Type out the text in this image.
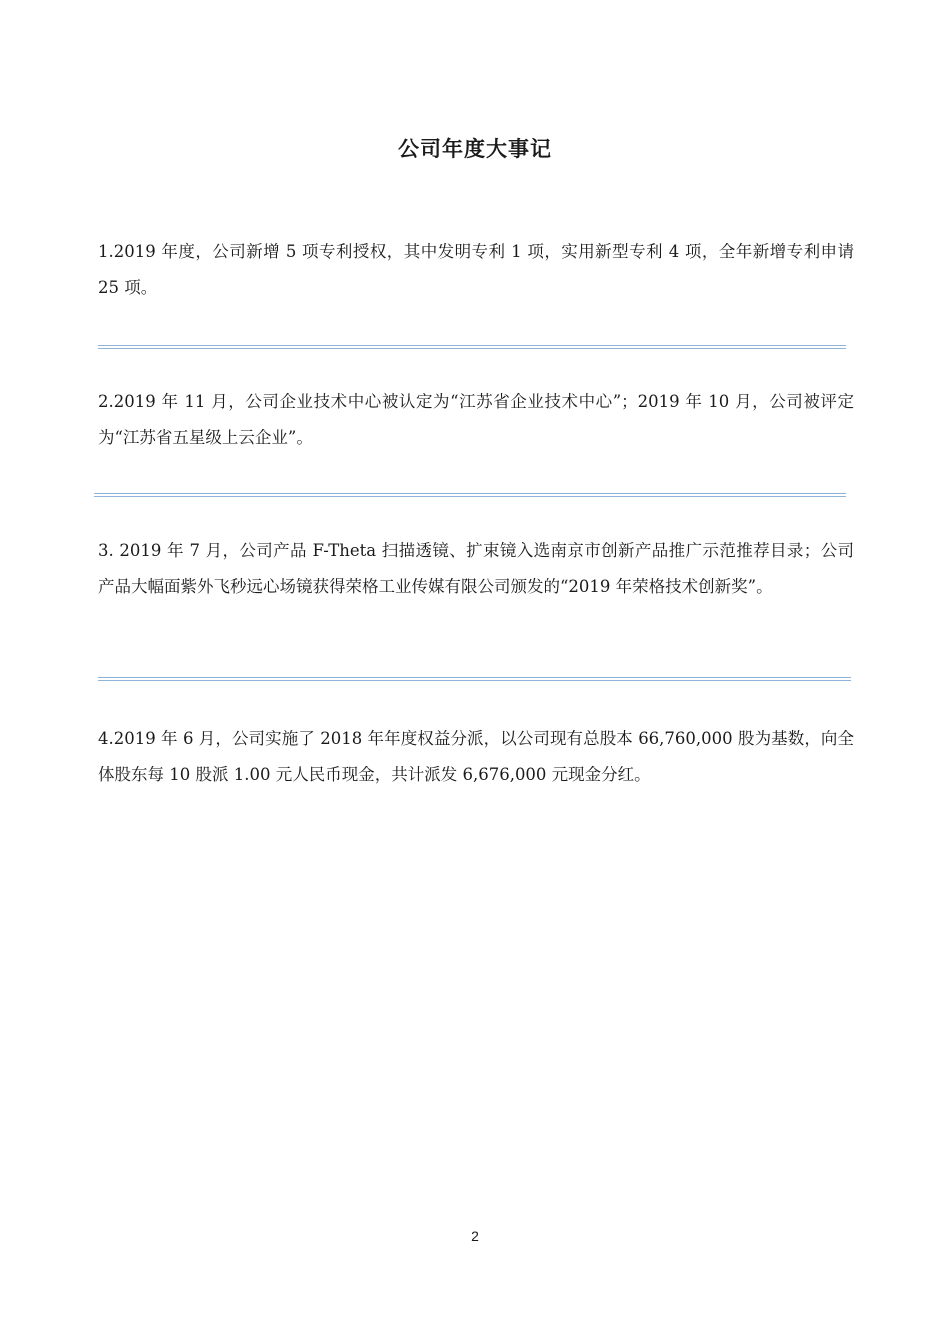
公司年度大事记

1.2019 年度，公司新增 5 项专利授权，其中发明专利 1 项，实用新型专利 4 项，全年新增专利申请 25 项。

2.2019 年 11 月，公司企业技术中心被认定为“江苏省企业技术中心”；2019 年 10 月，公司被评定为“江苏省五星级上云企业”。

3. 2019 年 7 月，公司产品 F-Theta 扫描透镜、扩束镜入选南京市创新产品推广示范推荐目录；公司产品大幅面紫外飞秒远心场镜获得荣格工业传媒有限公司颁发的“2019 年荣格技术创新奖”。

4.2019 年 6 月，公司实施了 2018 年年度权益分派，以公司现有总股本 66,760,000 股为基数，向全体股东每 10 股派 1.00 元人民币现金，共计派发 6,676,000 元现金分红。

2
